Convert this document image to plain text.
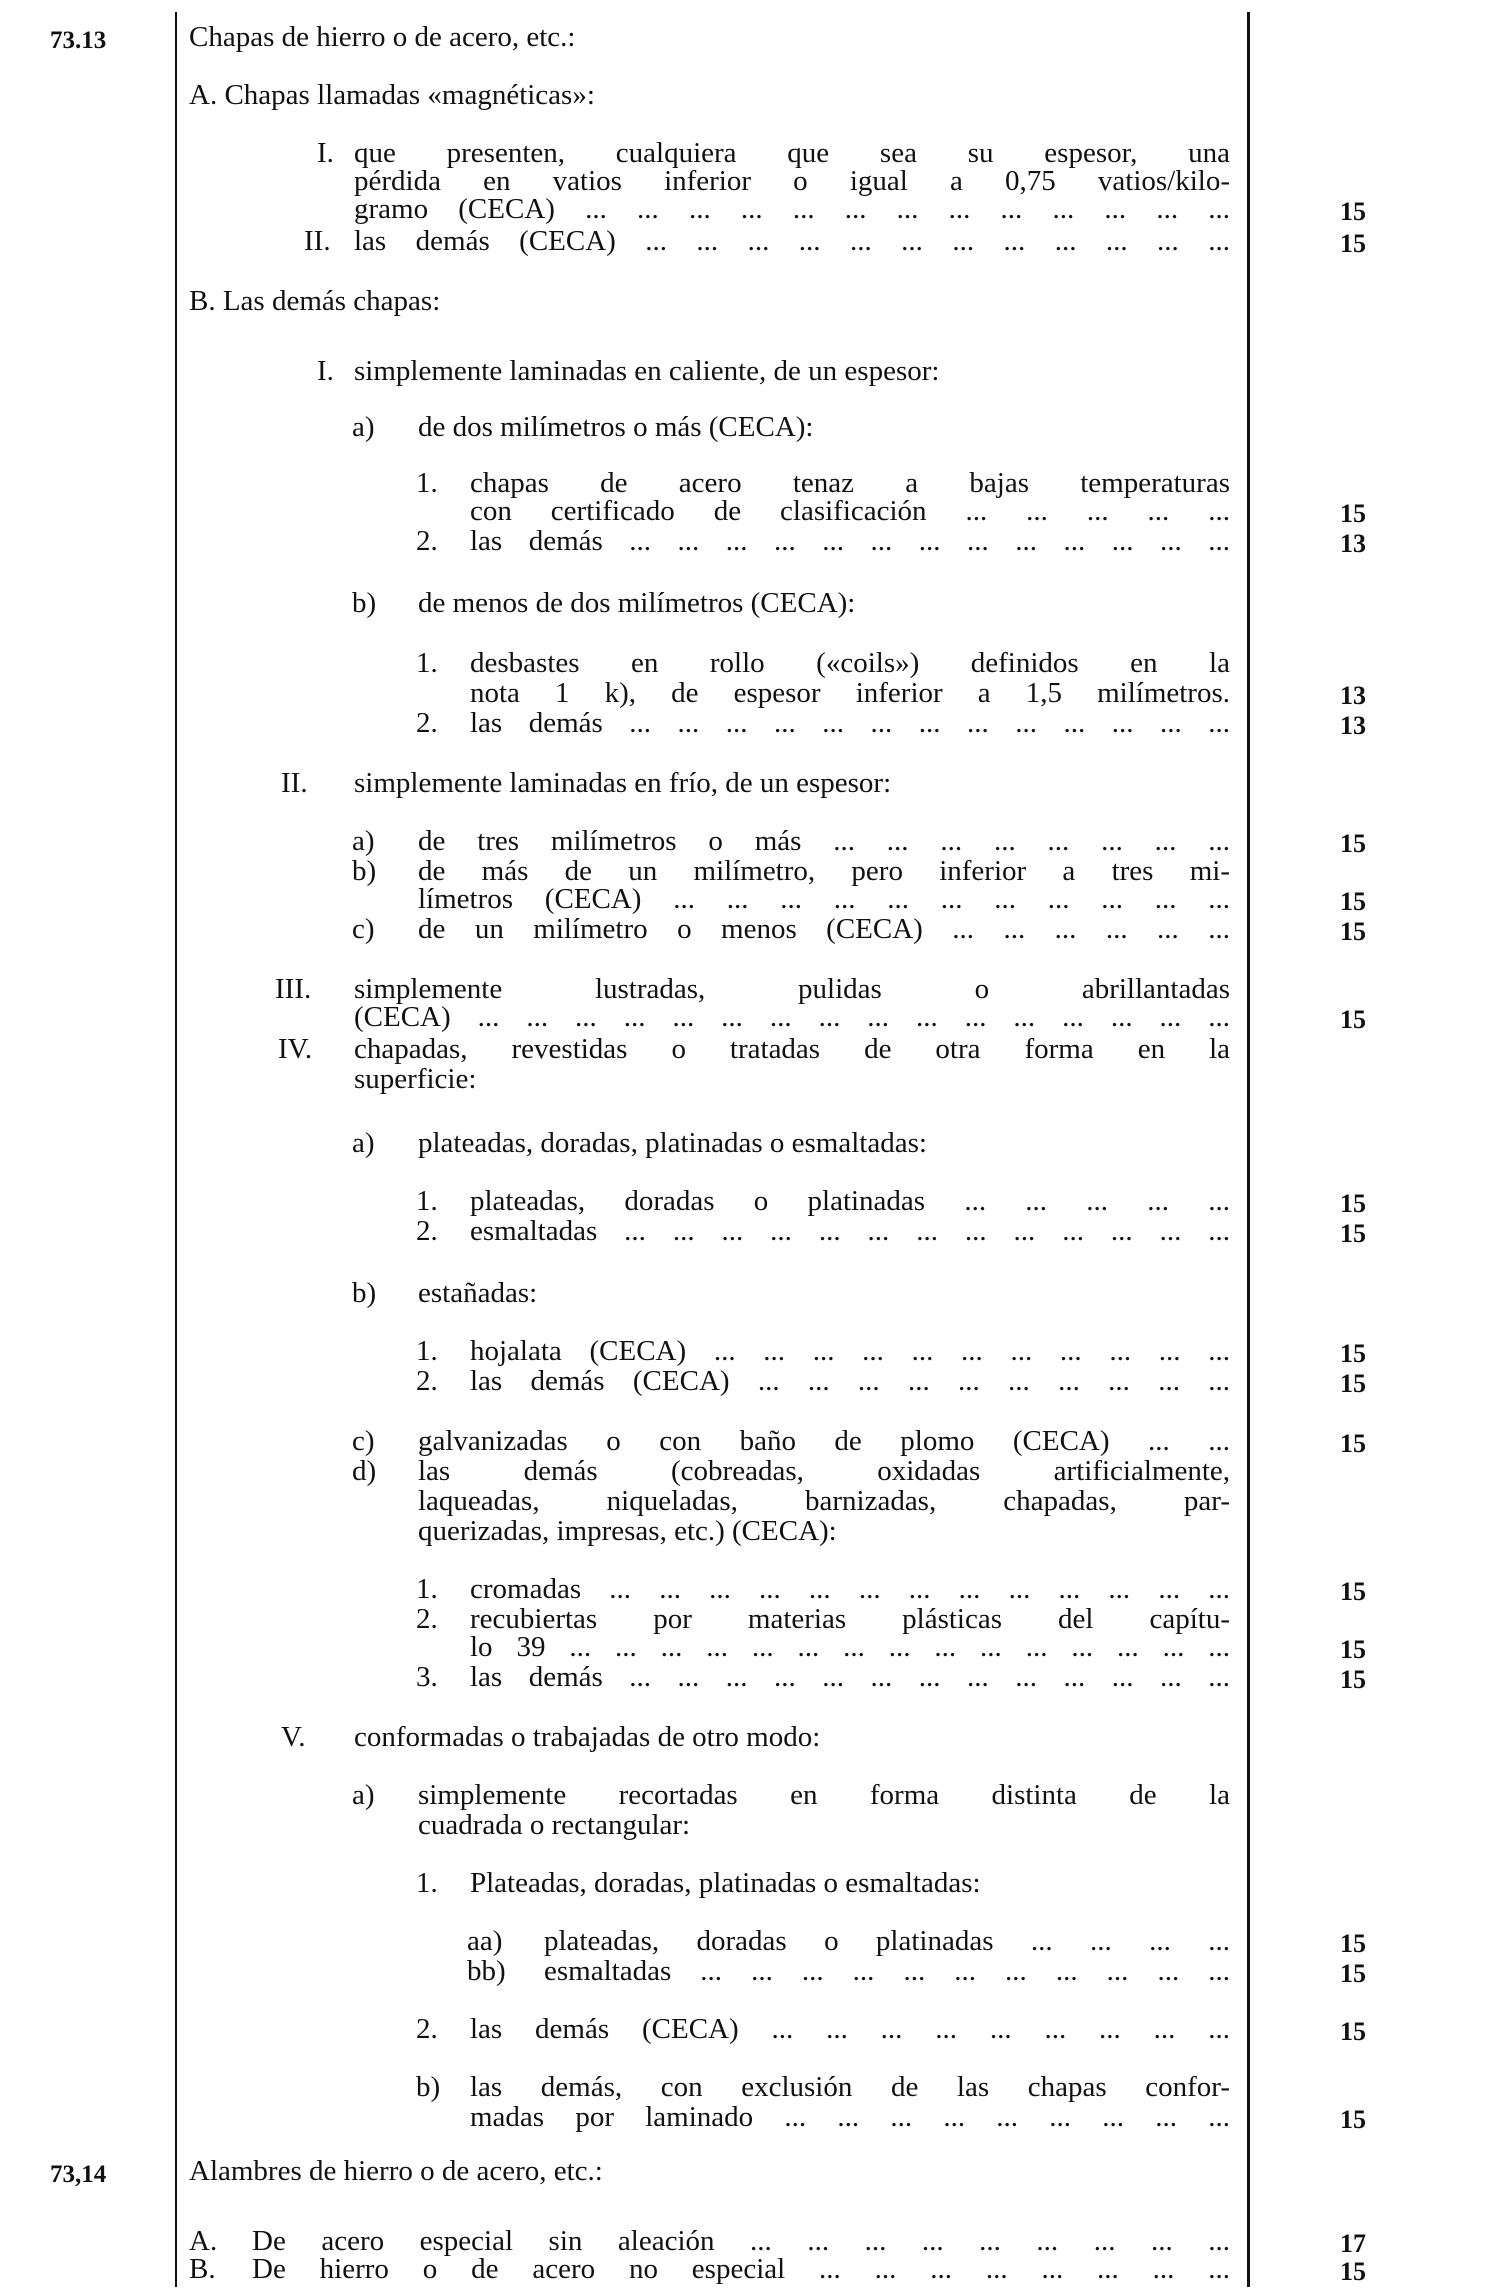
73.13	Chapas de hierro o de acero, etc.:
A. Chapas llamadas «magnéticas»:
I. que presenten, cualquiera que sea su espesor, una
pérdida en vatios inferior o igual a 0,75 vatios/kilo-
gramo (CECA) ... ... ... ... ... ... ... ... ... ... ... ... ...	15
II. las demás (CECA) ... ... ... ... ... ... ... ... ... ... ... ...	15
B. Las demás chapas:
I. simplemente laminadas en caliente, de un espesor:
a) de dos milímetros o más (CECA):
1. chapas de acero tenaz a bajas temperaturas
con certificado de clasificación ... ... ... ... ...	15
2. las demás ... ... ... ... ... ... ... ... ... ... ... ... ...	13
b) de menos de dos milímetros (CECA):
1. desbastes en rollo («coils») definidos en la
nota 1 k), de espesor inferior a 1,5 milímetros.	13
2. las demás ... ... ... ... ... ... ... ... ... ... ... ... ...	13
II. simplemente laminadas en frío, de un espesor:
a) de tres milímetros o más ... ... ... ... ... ... ... ...	15
b) de más de un milímetro, pero inferior a tres mi-
límetros (CECA) ... ... ... ... ... ... ... ... ... ... ...	15
c) de un milímetro o menos (CECA) ... ... ... ... ... ...	15
III. simplemente lustradas, pulidas o abrillantadas
(CECA) ... ... ... ... ... ... ... ... ... ... ... ... ... ... ... ...	15
IV. chapadas, revestidas o tratadas de otra forma en la
superficie:
a) plateadas, doradas, platinadas o esmaltadas:
1. plateadas, doradas o platinadas ... ... ... ... ...	15
2. esmaltadas ... ... ... ... ... ... ... ... ... ... ... ... ...	15
b) estañadas:
1. hojalata (CECA) ... ... ... ... ... ... ... ... ... ... ...	15
2. las demás (CECA) ... ... ... ... ... ... ... ... ... ...	15
c) galvanizadas o con baño de plomo (CECA) ... ...	15
d) las demás (cobreadas, oxidadas artificialmente,
laqueadas, niqueladas, barnizadas, chapadas, par-
querizadas, impresas, etc.) (CECA):
1. cromadas ... ... ... ... ... ... ... ... ... ... ... ... ...	15
2. recubiertas por materias plásticas del capítu-
lo 39 ... ... ... ... ... ... ... ... ... ... ... ... ... ... ...	15
3. las demás ... ... ... ... ... ... ... ... ... ... ... ... ...	15
V. conformadas o trabajadas de otro modo:
a) simplemente recortadas en forma distinta de la
cuadrada o rectangular:
1. Plateadas, doradas, platinadas o esmaltadas:
aa) plateadas, doradas o platinadas ... ... ... ...	15
bb) esmaltadas ... ... ... ... ... ... ... ... ... ... ...	15
2. las demás (CECA) ... ... ... ... ... ... ... ... ...	15
b) las demás, con exclusión de las chapas confor-
madas por laminado ... ... ... ... ... ... ... ... ...	15
73,14	Alambres de hierro o de acero, etc.:
A. De acero especial sin aleación ... ... ... ... ... ... ... ... ...	17
B. De hierro o de acero no especial ... ... ... ... ... ... ... ...	15
